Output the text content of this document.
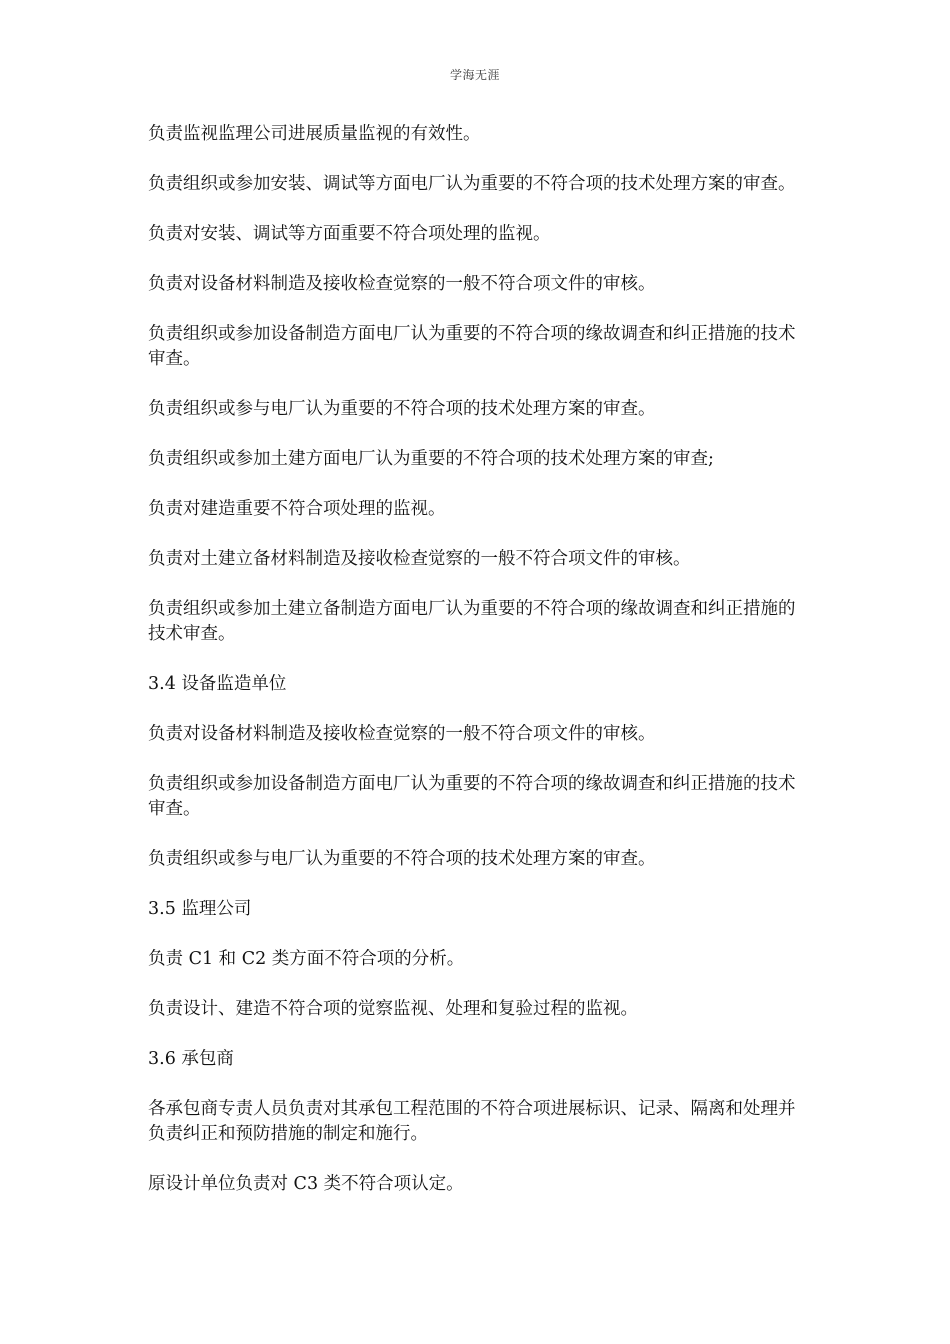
学海无涯

负责监视监理公司进展质量监视的有效性。

负责组织或参加安装、调试等方面电厂认为重要的不符合项的技术处理方案的审查。

负责对安装、调试等方面重要不符合项处理的监视。

负责对设备材料制造及接收检查觉察的一般不符合项文件的审核。

负责组织或参加设备制造方面电厂认为重要的不符合项的缘故调查和纠正措施的技术审查。

负责组织或参与电厂认为重要的不符合项的技术处理方案的审查。

负责组织或参加土建方面电厂认为重要的不符合项的技术处理方案的审查;

负责对建造重要不符合项处理的监视。

负责对土建立备材料制造及接收检查觉察的一般不符合项文件的审核。

负责组织或参加土建立备制造方面电厂认为重要的不符合项的缘故调查和纠正措施的技术审查。

3.4 设备监造单位

负责对设备材料制造及接收检查觉察的一般不符合项文件的审核。

负责组织或参加设备制造方面电厂认为重要的不符合项的缘故调查和纠正措施的技术审查。

负责组织或参与电厂认为重要的不符合项的技术处理方案的审查。

3.5 监理公司

负责 C1 和 C2 类方面不符合项的分析。

负责设计、建造不符合项的觉察监视、处理和复验过程的监视。

3.6 承包商

各承包商专责人员负责对其承包工程范围的不符合项进展标识、记录、隔离和处理并负责纠正和预防措施的制定和施行。

原设计单位负责对 C3 类不符合项认定。
